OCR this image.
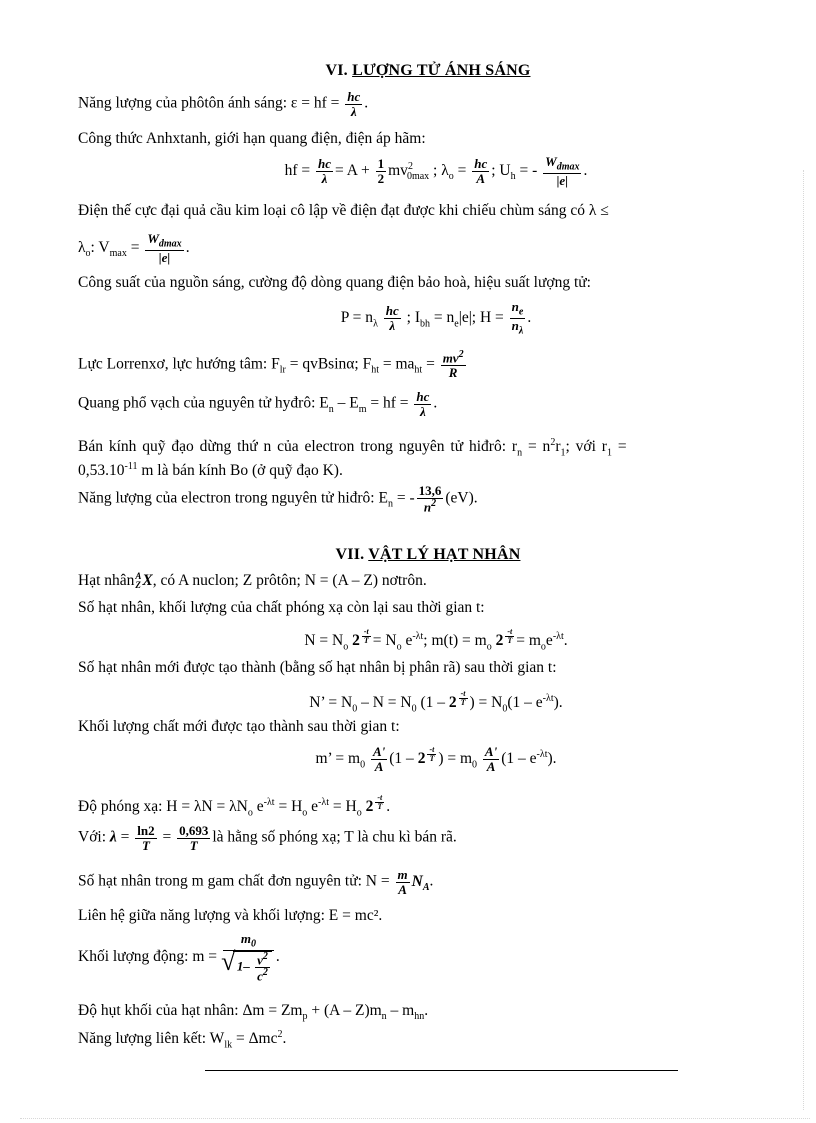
VI. LƯỢNG TỬ ÁNH SÁNG
Năng lượng của phôtôn ánh sáng: ε = hf = $\frac{hc}{\lambda}$ .
Công thức Anhxtanh, giới hạn quang điện, điện áp hãm:
hf = $\frac{hc}{\lambda} = A + \frac{1}{2} mv^2_{0max}$ ; $\lambda_o = \frac{hc}{A}$ ; $U_h$ = - $\frac{W_{dmax}}{|e|}$ .
Điện thế cực đại quả cầu kim loại cô lập về điện đạt được khi chiếu chùm sáng có λ ≤
$\lambda_o$: $V_{max} = \frac{W_{dmax}}{|e|}$ .
Công suất của nguồn sáng, cường độ dòng quang điện bảo hoà, hiệu suất lượng tử:
$P = n_\lambda \frac{hc}{\lambda}$ ; $I_{bh} = n_e|e|$; $H = \frac{n_e}{n_\lambda}$ .
Lực Lorrenxơ, lực hướng tâm: $F_{lr} = qvBsin\alpha$; $F_{ht} = ma_{ht} = \frac{mv^2}{R}$
Quang phổ vạch của nguyên tử hyđrô: $E_n - E_m$ = hf = $\frac{hc}{\lambda}$ .
Bán kính quỹ đạo dừng thứ n của electron trong nguyên tử hiđrô: $r_n = n^2r_1$; với $r_1$ =
$0,53.10^{-11}$ m là bán kính Bo (ở quỹ đạo K).
Năng lượng của electron trong nguyên tử hiđrô: $E_n$ = - $\frac{13,6}{n^2} (eV)$.
VII. VẬT LÝ HẠT NHÂN
Hạt nhânA
ZX, có A nuclon; Z prôtôn; N = (A – Z) nơtrôn.
Số hạt nhân, khối lượng của chất phóng xạ còn lại sau thời gian t:
$N = N_o$ 2 $^{\frac{-t}{T}} = N_o$ $e^{-\lambda t}$; $m(t) = m_o$ 2 $^{\frac{-t}{T}} = m_oe^{-\lambda t}$.
Số hạt nhân mới được tạo thành (bằng số hạt nhân bị phân rã) sau thời gian t:
N’ = $N_0 - N = N_0$ (1 – 2 $^{\frac{-t}{T}}$ ) = $N_0(1 - e^{-\lambda t})$.
Khối lượng chất mới được tạo thành sau thời gian t:
m’ = $m_0 \frac{A'}{A} (1 - 2$ $^{\frac{-t}{T}}$ ) = $m_0 \frac{A'}{A} (1 - e^{-\lambda t})$.
Độ phóng xạ: $H = \lambda N = \lambda N_o$ $e^{-\lambda t} = H_o$ $e^{-\lambda t} = H_o$ 2 $^{\frac{-t}{T}}$ .
Với: $\lambda = \frac{\ln 2}{T} = \frac{0,693}{T}$ là hằng số phóng xạ; T là chu kì bán rã.
Số hạt nhân trong m gam chất đơn nguyên tử: $N = \frac{m}{A} N_A$.
Liên hệ giữa năng lượng và khối lượng: E = mc².
Khối lượng động: $m = m_0$
√ $1- \frac{v^2}{c^2}$ .
Độ hụt khối của hạt nhân: $\Delta m = Zm_p + (A - Z)m_n - m_{hn}$.
Năng lượng liên kết: $W_{lk} = \Delta mc^2$.
